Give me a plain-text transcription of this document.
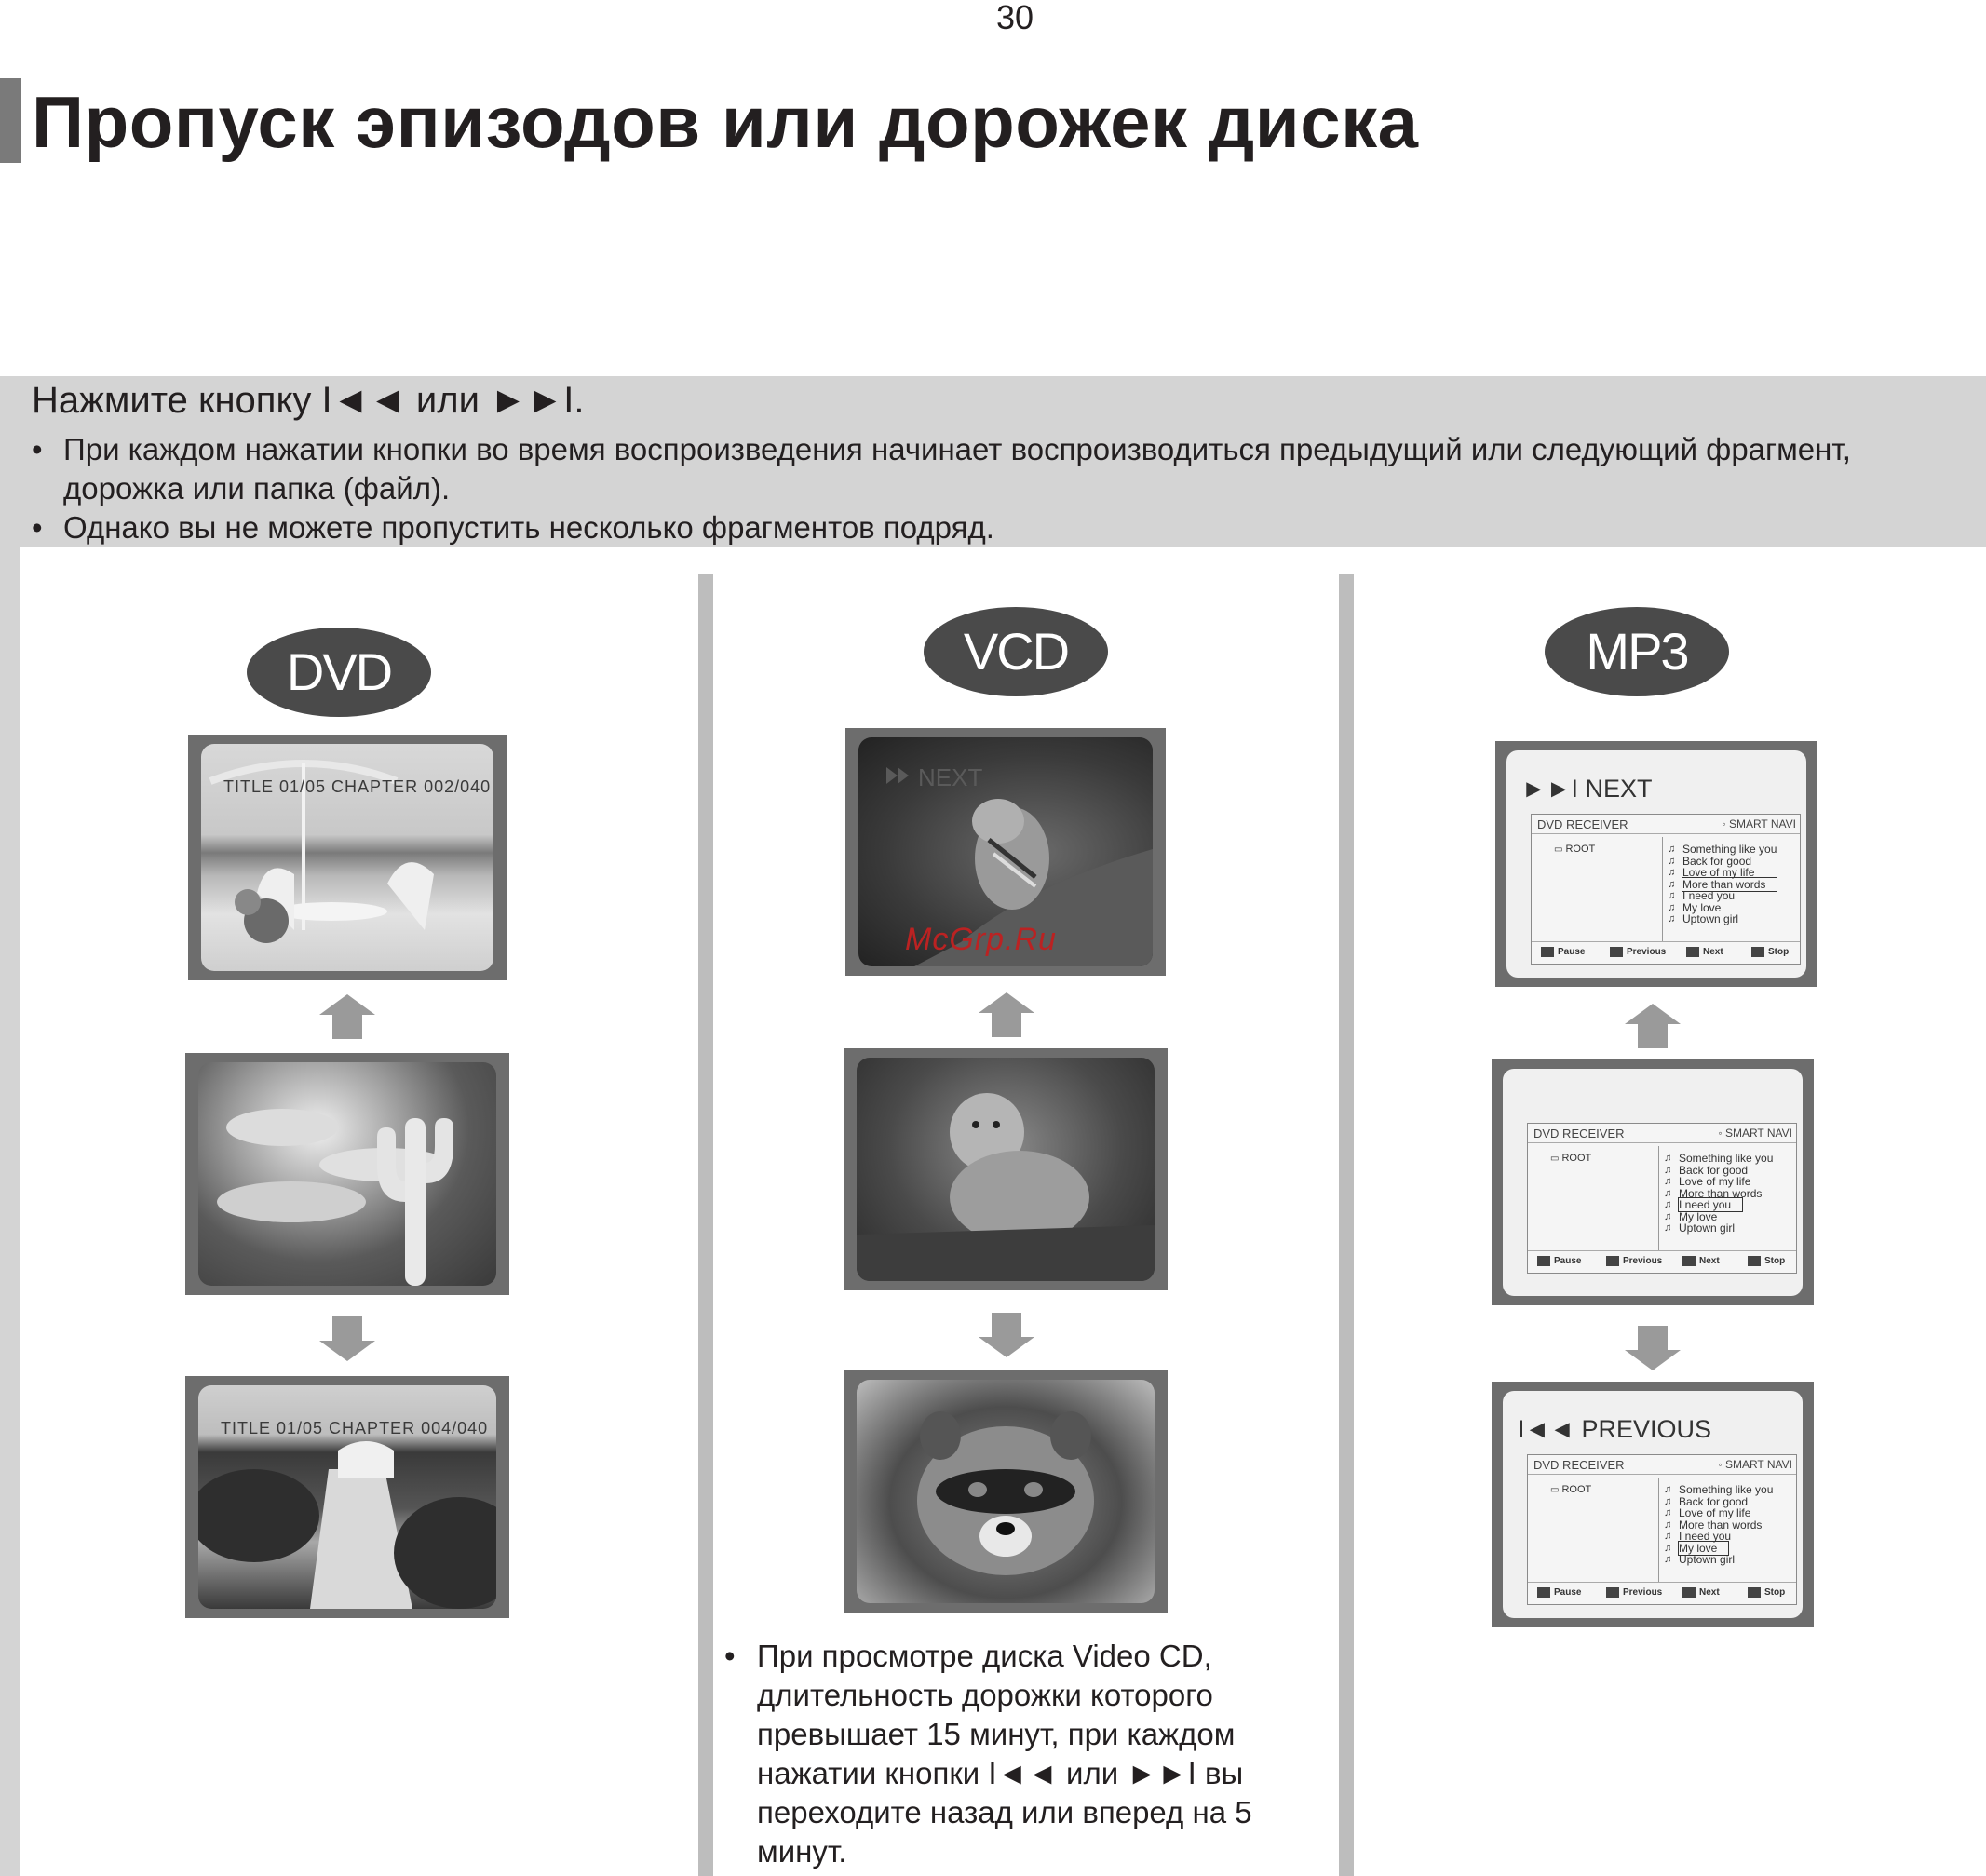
30
Пропуск эпизодов или дорожек диска
Нажмите кнопку I◄◄ или ►►I.
• При каждом нажатии кнопки во время воспроизведения начинает воспроизводиться предыдущий или следующий фрагмент, дорожка или папка (файл).
• Однако вы не можете пропустить несколько фрагментов подряд.
DVD
TITLE 01/05 CHAPTER 002/040
TITLE 01/05 CHAPTER 004/040
VCD
NEXT
McGrp.Ru
• При просмотре диска Video CD, длительность дорожки которого превышает 15 минут, при каждом нажатии кнопки I◄◄ или ►►I вы переходите назад или вперед на 5 минут.
MP3
►►I NEXT
DVD RECEIVER	◦ SMART NAVI
▭ ROOT	♫ Something like you
♫ Back for good
♫ Love of my life
♫ More than words
♫ I need you
♫ My love
♫ Uptown girl
Pause	Previous	Next	Stop
DVD RECEIVER	◦ SMART NAVI
▭ ROOT	♫ Something like you
♫ Back for good
♫ Love of my life
♫ More than words
♫ I need you
♫ My love
♫ Uptown girl
Pause	Previous	Next	Stop
I◄◄ PREVIOUS
DVD RECEIVER	◦ SMART NAVI
▭ ROOT	♫ Something like you
♫ Back for good
♫ Love of my life
♫ More than words
♫ I need you
♫ My love
♫ Uptown girl
Pause	Previous	Next	Stop
